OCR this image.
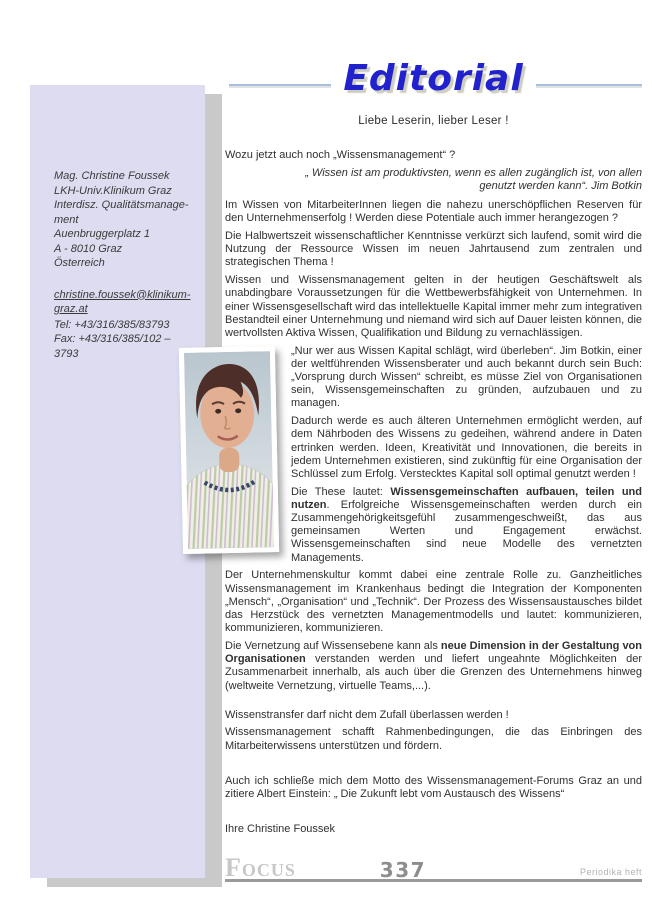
Mag. Christine Foussek
LKH-Univ.Klinikum Graz
Interdisz. Qualitätsmanage-
ment
Auenbruggerplatz 1
A - 8010 Graz
Österreich
christine.foussek@klinikum-graz.at
Tel: +43/316/385/83793
Fax: +43/316/385/102 – 3793
Editorial

Liebe Leserin, lieber Leser !

Wozu jetzt auch noch „Wissensmanagement“ ?

„ Wissen ist am produktivsten, wenn es allen zugänglich ist, von allen genutzt werden kann“. Jim Botkin

Im Wissen von MitarbeiterInnen liegen die nahezu unerschöpflichen Reserven für den Unternehmenserfolg ! Werden diese Potentiale auch immer herangezogen ?

Die Halbwertszeit wissenschaftlicher Kenntnisse verkürzt sich laufend, somit wird die Nutzung der Ressource Wissen im neuen Jahrtausend zum zentralen und strategischen Thema !

Wissen und Wissensmanagement gelten in der heutigen Geschäftswelt als unabdingbare Voraussetzungen für die Wettbewerbsfähigkeit von Unternehmen. In einer Wissensgesellschaft wird das intellektuelle Kapital immer mehr zum integrativen Bestandteil einer Unternehmung und niemand wird sich auf Dauer leisten können, die wertvollsten Aktiva Wissen, Qualifikation und Bildung zu vernachlässigen.

„Nur wer aus Wissen Kapital schlägt, wird überleben“. Jim Botkin, einer der weltführenden Wissensberater und auch bekannt durch sein Buch: „Vorsprung durch Wissen“ schreibt, es müsse Ziel von Organisationen sein, Wissensgemeinschaften zu gründen, aufzubauen und zu managen.

Dadurch werde es auch älteren Unternehmen ermöglicht werden, auf dem Nährboden des Wissens zu gedeihen, während andere in Daten ertrinken werden. Ideen, Kreativität und Innovationen, die bereits in jedem Unternehmen existieren, sind zukünftig für eine Organisation der Schlüssel zum Erfolg. Verstecktes Kapital soll optimal genutzt werden !

Die These lautet: Wissensgemeinschaften aufbauen, teilen und nutzen. Erfolgreiche Wissensgemeinschaften werden durch ein Zusammengehörigkeitsgefühl zusammengeschweißt, das aus gemeinsamen Werten und Engagement erwächst. Wissensgemeinschaften sind neue Modelle des vernetzten Managements.

Der Unternehmenskultur kommt dabei eine zentrale Rolle zu. Ganzheitliches Wissensmanagement im Krankenhaus bedingt die Integration der Komponenten „Mensch“, „Organisation“ und „Technik“. Der Prozess des Wissensaustausches bildet das Herzstück des vernetzten Managementmodells und lautet: kommunizieren, kommunizieren, kommunizieren.

Die Vernetzung auf Wissensebene kann als neue Dimension in der Gestaltung von Organisationen verstanden werden und liefert ungeahnte Möglichkeiten der Zusammenarbeit innerhalb, als auch über die Grenzen des Unternehmens hinweg (weltweite Vernetzung, virtuelle Teams,...).

Wissenstransfer darf nicht dem Zufall überlassen werden !

Wissensmanagement schafft Rahmenbedingungen, die das Einbringen des Mitarbeiterwissens unterstützen und fördern.

Auch ich schließe mich dem Motto des Wissensmanagement-Forums Graz an und zitiere Albert Einstein: „ Die Zukunft lebt vom Austausch des Wissens“

Ihre Christine Foussek

Focus	337	Periodika heft
